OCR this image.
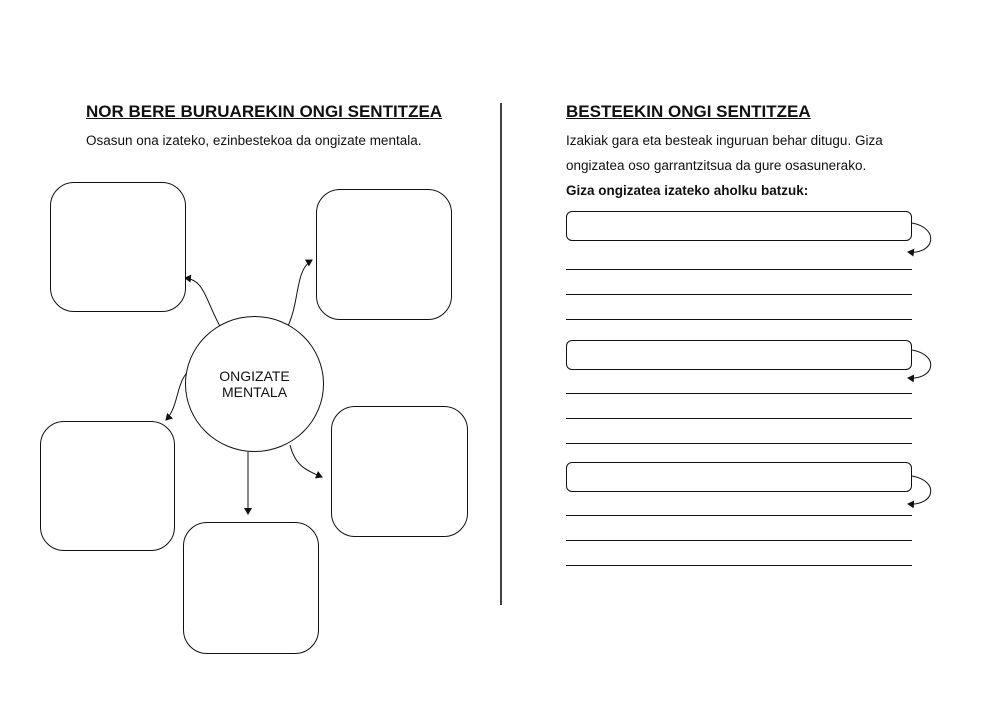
NOR BERE BURUAREKIN ONGI SENTITZEA
Osasun ona izateko, ezinbestekoa da ongizate mentala.
ONGIZATE
MENTALA
BESTEEKIN ONGI SENTITZEA
Izakiak gara eta besteak inguruan behar ditugu. Giza
ongizatea oso garrantzitsua da gure osasunerako.
Giza ongizatea izateko aholku batzuk:
